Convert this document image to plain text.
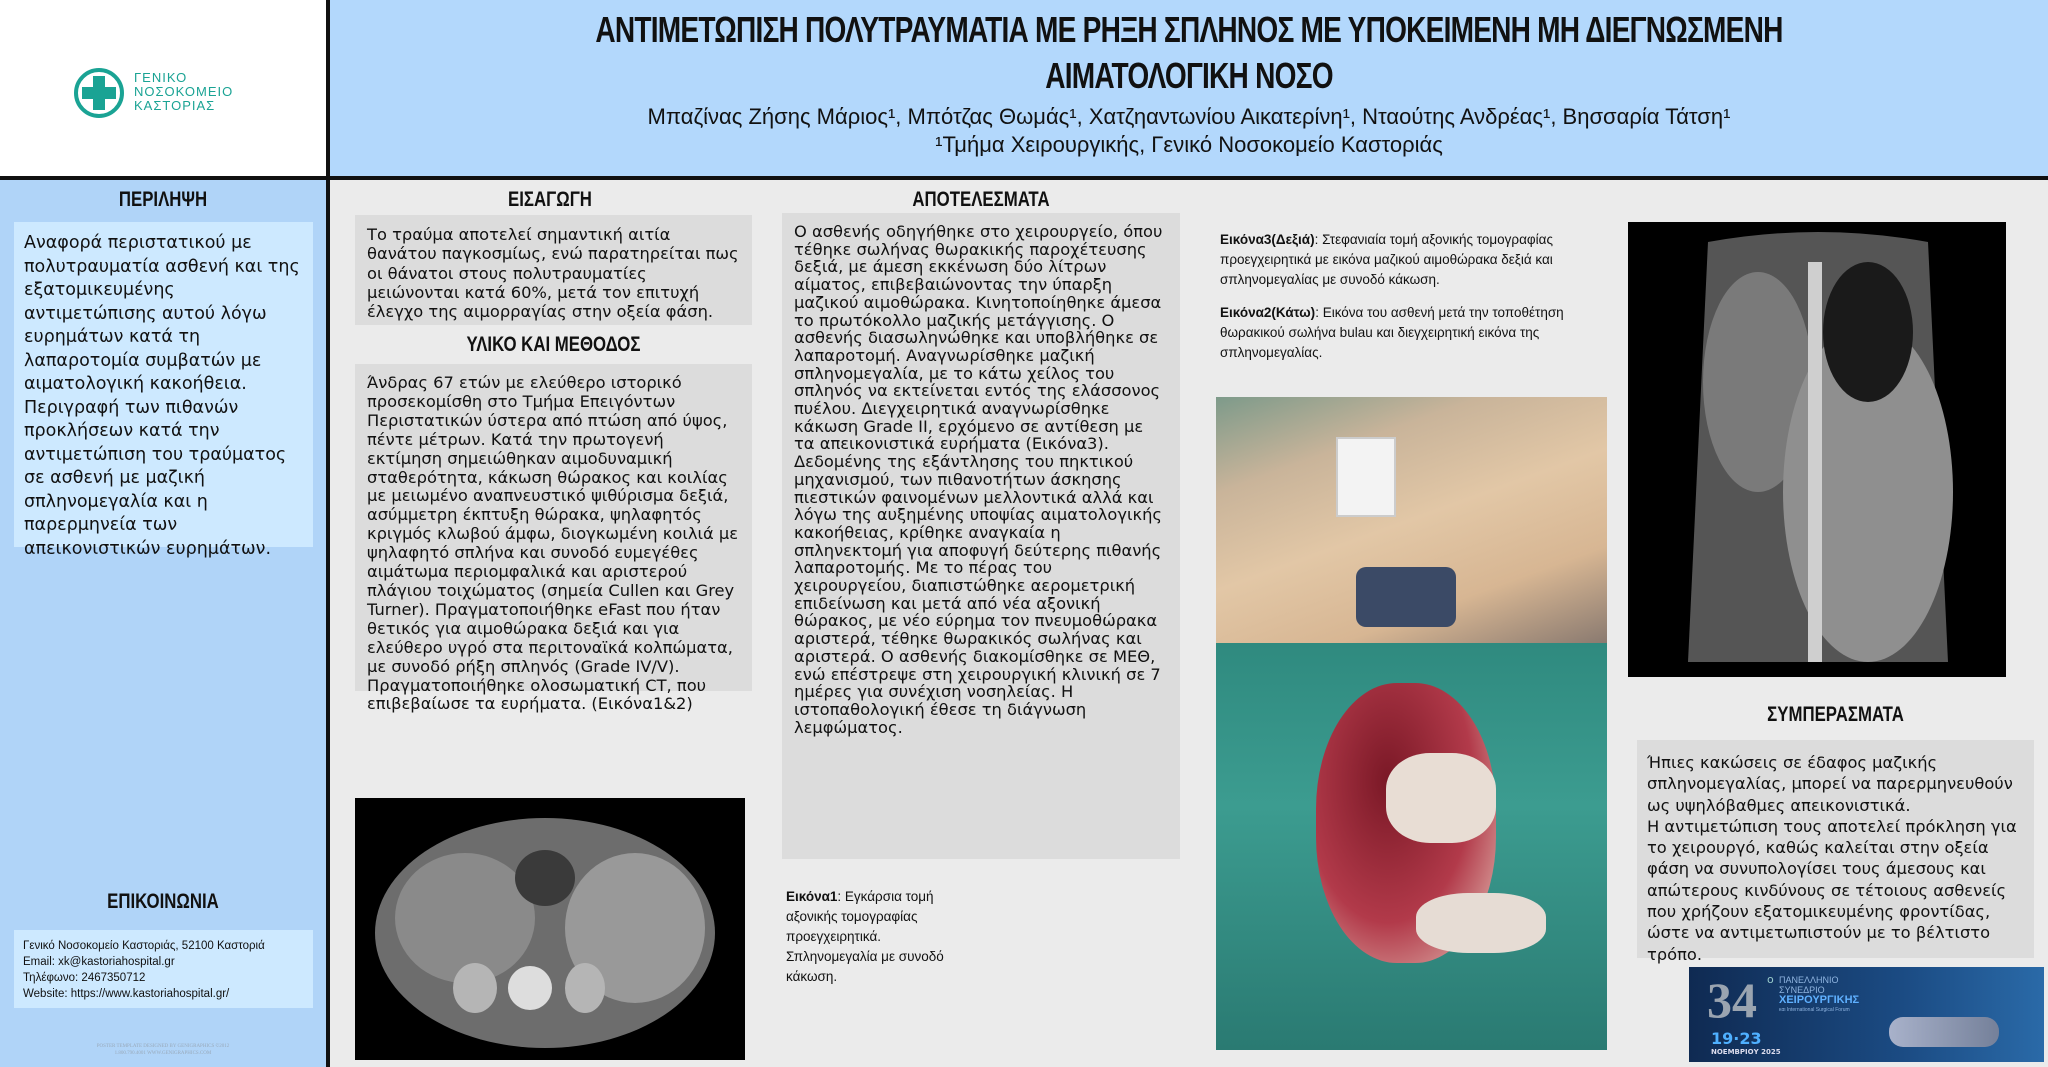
ΓΕΝΙΚΟ
ΝΟΣΟΚΟΜΕΙΟ
ΚΑΣΤΟΡΙΑΣ
ΑΝΤΙΜΕΤΩΠΙΣΗ ΠΟΛΥΤΡΑΥΜΑΤΙΑ ΜΕ ΡΗΞΗ ΣΠΛΗΝΟΣ ΜΕ ΥΠΟΚΕΙΜΕΝΗ ΜΗ ΔΙΕΓΝΩΣΜΕΝΗ
ΑΙΜΑΤΟΛΟΓΙΚΗ ΝΟΣΟ
Μπαζίνας Ζήσης Μάριος¹, Μπότζας Θωμάς¹, Χατζηαντωνίου Αικατερίνη¹, Νταούτης Ανδρέας¹, Βησσαρία Τάτση¹
¹Τμήμα Χειρουργικής, Γενικό Νοσοκομείο Καστοριάς
ΠΕΡΙΛΗΨΗ
Αναφορά περιστατικού με πολυτραυματία ασθενή και της εξατομικευμένης αντιμετώπισης αυτού λόγω ευρημάτων κατά τη λαπαροτομία συμβατών με αιματολογική κακοήθεια. Περιγραφή των πιθανών προκλήσεων κατά την αντιμετώπιση του τραύματος σε ασθενή με μαζική σπληνομεγαλία και η παρερμηνεία των απεικονιστικών ευρημάτων.
ΕΠΙΚΟΙΝΩΝΙΑ
Γενικό Νοσοκομείο Καστοριάς, 52100 Καστοριά
Email: xk@kastoriahospital.gr
Τηλέφωνο: 2467350712
Website: https://www.kastoriahospital.gr/
POSTER TEMPLATE DESIGNED BY GENIGRAPHICS ©2012
1.800.790.4001 WWW.GENIGRAPHICS.COM
ΕΙΣΑΓΩΓΗ
Το τραύμα αποτελεί σημαντική αιτία θανάτου παγκοσμίως, ενώ παρατηρείται πως οι θάνατοι στους πολυτραυματίες μειώνονται κατά 60%, μετά τον επιτυχή έλεγχο της αιμορραγίας στην οξεία φάση.
ΥΛΙΚΟ ΚΑΙ ΜΕΘΟΔΟΣ
Άνδρας 67 ετών με ελεύθερο ιστορικό προσεκομίσθη στο Τμήμα Επειγόντων Περιστατικών ύστερα από πτώση από ύψος, πέντε μέτρων. Κατά την πρωτογενή εκτίμηση σημειώθηκαν αιμοδυναμική σταθερότητα, κάκωση θώρακος και κοιλίας με μειωμένο αναπνευστικό ψιθύρισμα δεξιά, ασύμμετρη έκπτυξη θώρακα, ψηλαφητός κριγμός κλωβού άμφω, διογκωμένη κοιλιά με ψηλαφητό σπλήνα και συνοδό ευμεγέθες αιμάτωμα περιομφαλικά και αριστερού πλάγιου τοιχώματος (σημεία Cullen και Grey Turner). Πραγματοποιήθηκε eFast που ήταν θετικός για αιμοθώρακα δεξιά και για ελεύθερο υγρό στα περιτοναϊκά κολπώματα, με συνοδό ρήξη σπληνός (Grade IV/V). Πραγματοποιήθηκε ολοσωματική CT, που επιβεβαίωσε τα ευρήματα. (Εικόνα1&2)
ΑΠΟΤΕΛΕΣΜΑΤΑ
Ο ασθενής οδηγήθηκε στο χειρουργείο, όπου τέθηκε σωλήνας θωρακικής παροχέτευσης δεξιά, με άμεση εκκένωση δύο λίτρων αίματος, επιβεβαιώνοντας την ύπαρξη μαζικού αιμοθώρακα. Κινητοποίηθηκε άμεσα το πρωτόκολλο μαζικής μετάγγισης. Ο ασθενής διασωληνώθηκε και υποβλήθηκε σε λαπαροτομή. Αναγνωρίσθηκε μαζική σπληνομεγαλία, με το κάτω χείλος του σπληνός να εκτείνεται εντός της ελάσσονος πυέλου. Διεγχειρητικά αναγνωρίσθηκε κάκωση Grade II, ερχόμενο σε αντίθεση με τα απεικονιστικά ευρήματα (Εικόνα3). Δεδομένης της εξάντλησης του πηκτικού μηχανισμού, των πιθανοτήτων άσκησης πιεστικών φαινομένων μελλοντικά αλλά και λόγω της αυξημένης υποψίας αιματολογικής κακοήθειας, κρίθηκε αναγκαία η σπληνεκτομή για αποφυγή δεύτερης πιθανής λαπαροτομής. Με το πέρας του χειρουργείου, διαπιστώθηκε αερομετρική επιδείνωση και μετά από νέα αξονική θώρακος, με νέο εύρημα τον πνευμοθώρακα αριστερά, τέθηκε θωρακικός σωλήνας και αριστερά. Ο ασθενής διακομίσθηκε σε ΜΕΘ, ενώ επέστρεψε στη χειρουργική κλινική σε 7 ημέρες για συνέχιση νοσηλείας. Η ιστοπαθολογική έθεσε τη διάγνωση λεμφώματος.
Εικόνα1: Εγκάρσια τομή αξονικής τομογραφίας προεγχειρητικά. Σπληνομεγαλία με συνοδό κάκωση.
Εικόνα3(Δεξιά): Στεφανιαία τομή αξονικής τομογραφίας προεγχειρητικά με εικόνα μαζικού αιμοθώρακα δεξιά και σπληνομεγαλίας με συνοδό κάκωση.
Εικόνα2(Κάτω): Εικόνα του ασθενή μετά την τοποθέτηση θωρακικού σωλήνα bulau και διεγχειρητική εικόνα της σπληνομεγαλίας.
ΣΥΜΠΕΡΑΣΜΑΤΑ
Ήπιες κακώσεις σε έδαφος μαζικής σπληνομεγαλίας, μπορεί να παρερμηνευθούν ως υψηλόβαθμες απεικονιστικά.
Η αντιμετώπιση τους αποτελεί πρόκληση για το χειρουργό, καθώς καλείται στην οξεία φάση να συνυπολογίσει τους άμεσους και απώτερους κινδύνους σε τέτοιους ασθενείς που χρήζουν εξατομικευμένης φροντίδας, ώστε να αντιμετωπιστούν με το βέλτιστο τρόπο.
34 ο ΠΑΝΕΛΛΗΝΙΟ
ΣΥΝΕΔΡΙΟ
ΧΕΙΡΟΥΡΓΙΚΗΣ
και International Surgical Forum
19·23
ΝΟΕΜΒΡΙΟΥ 2025
